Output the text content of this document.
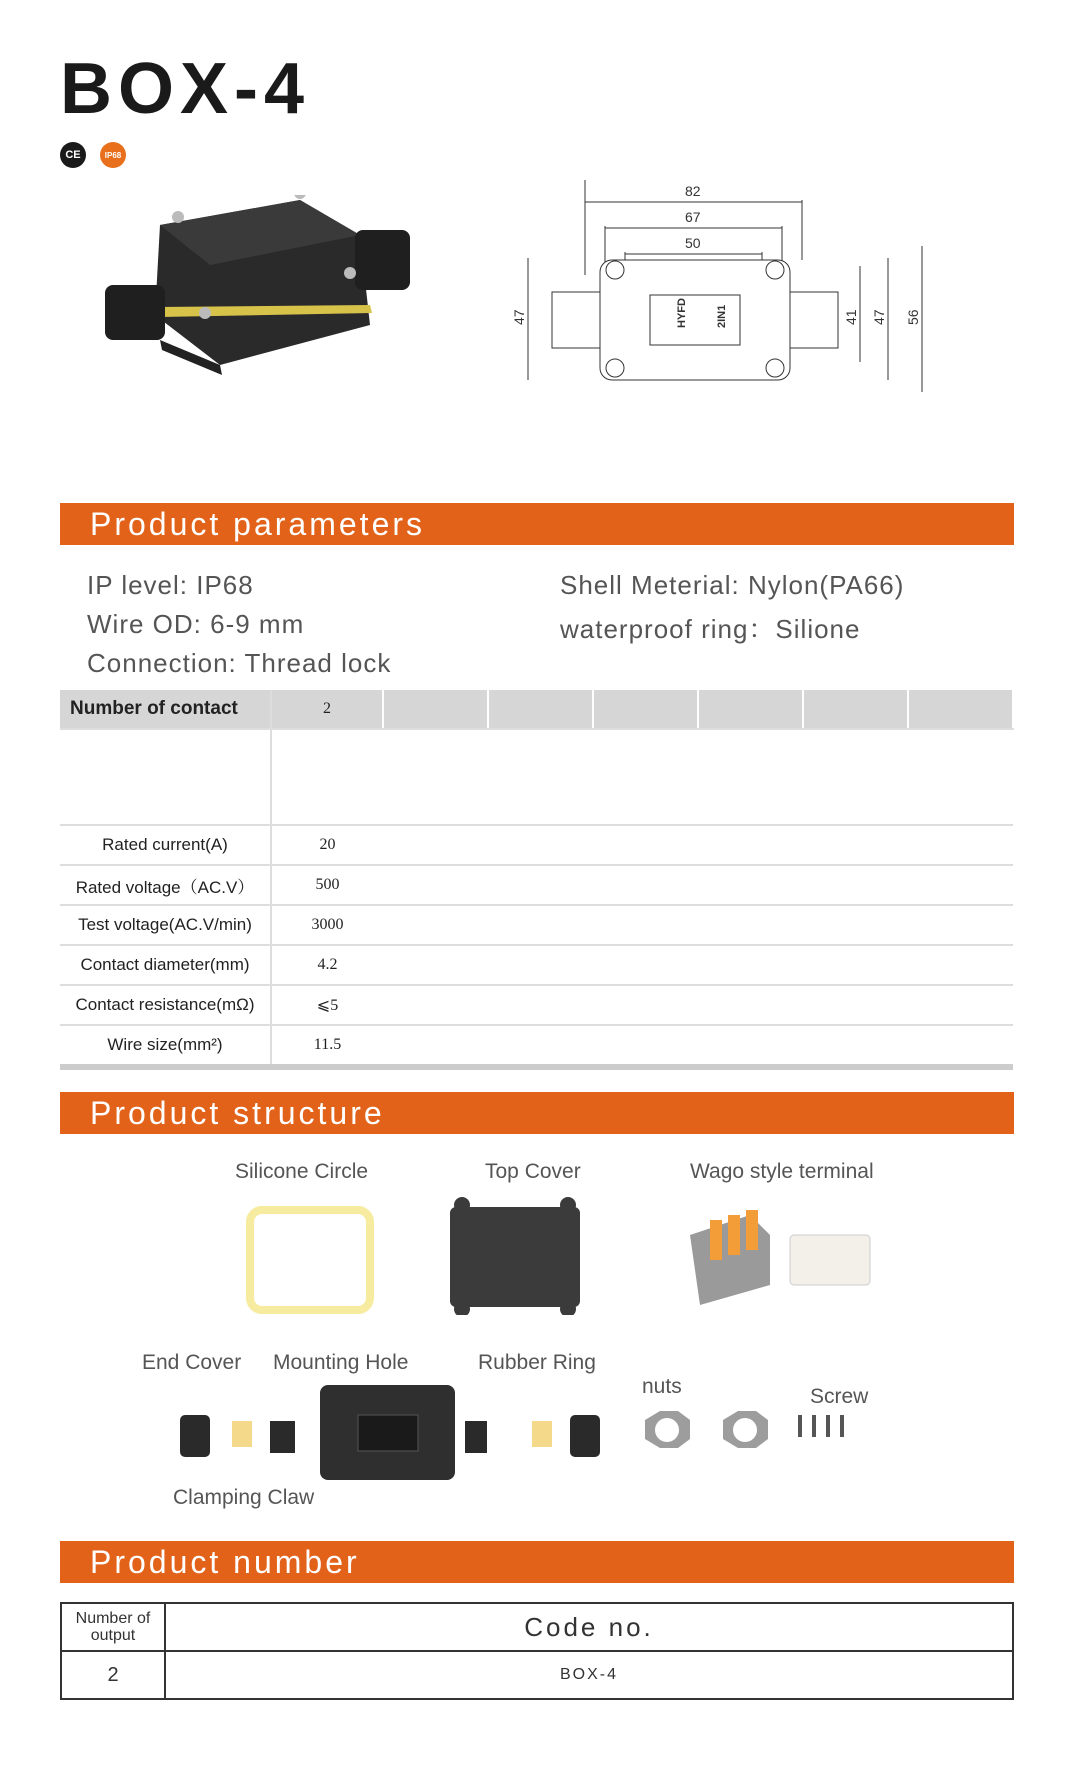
BOX-4
CE	IP68
82
67
50
47	41 47 56
HYFD	2IN1
Product parameters
IP level: IP68
Wire OD: 6-9 mm
Connection: Thread lock
Shell Meterial: Nylon(PA66)
waterproof ring：Silione
Number of contact	2						

Rated current(A)	20						
Rated voltage（AC.V）	500						
Test voltage(AC.V/min)	3000						
Contact diameter(mm)	4.2						
Contact resistance(mΩ)	⩽5						
Wire size(mm²)	11.5						
Product structure
Silicone Circle	Top Cover	Wago style terminal
End Cover Mounting Hole	Rubber Ring
nuts	Screw
Clamping Claw
Product number
Number of output	Code no.
2	BOX-4
